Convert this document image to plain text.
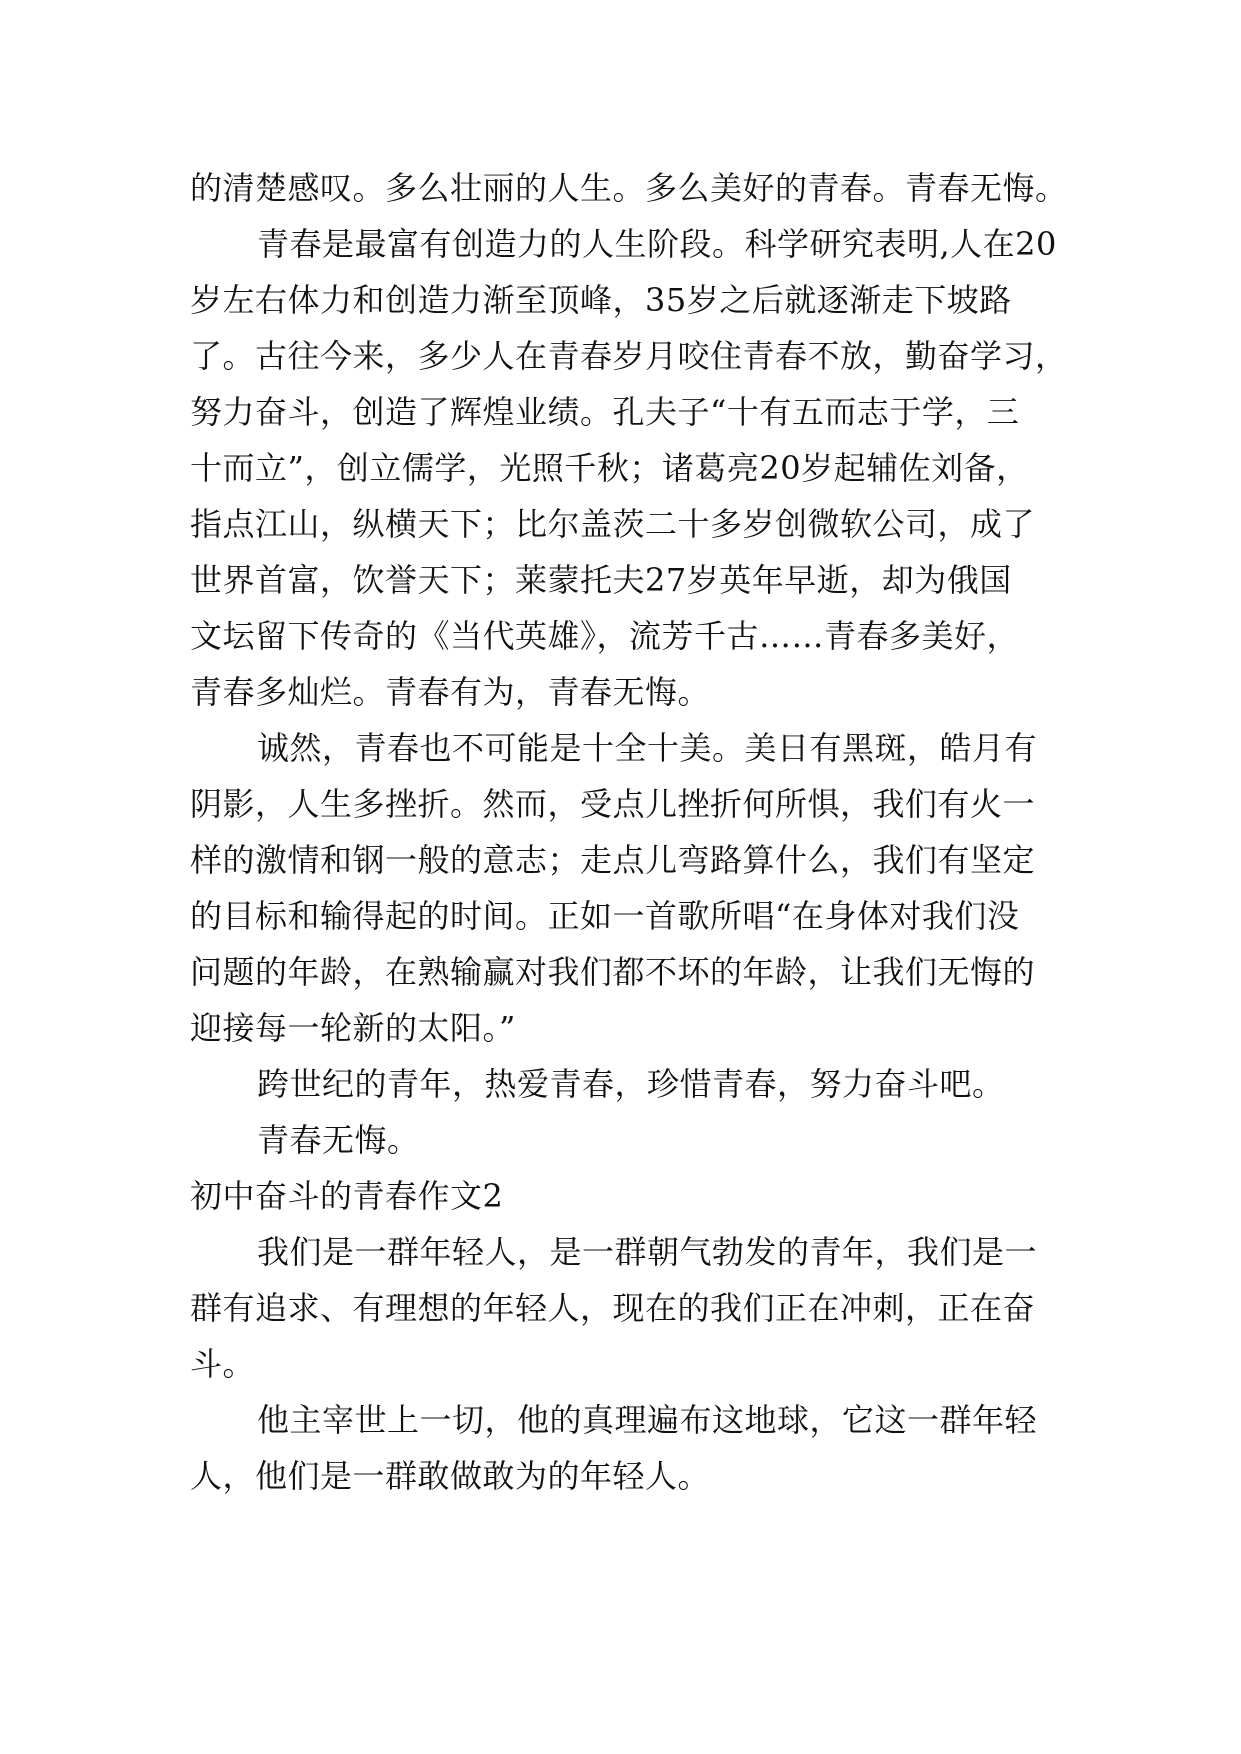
的清楚感叹。多么壮丽的人生。多么美好的青春。青春无悔。
青春是最富有创造力的人生阶段。科学研究表明,人在20
岁左右体力和创造力渐至顶峰，35岁之后就逐渐走下坡路
了。古往今来，多少人在青春岁月咬住青春不放，勤奋学习，
努力奋斗，创造了辉煌业绩。孔夫子“十有五而志于学，三
十而立”，创立儒学，光照千秋；诸葛亮20岁起辅佐刘备，
指点江山，纵横天下；比尔盖茨二十多岁创微软公司，成了
世界首富，饮誉天下；莱蒙托夫27岁英年早逝，却为俄国
文坛留下传奇的《当代英雄》，流芳千古……青春多美好，
青春多灿烂。青春有为，青春无悔。
诚然，青春也不可能是十全十美。美日有黑斑，皓月有
阴影，人生多挫折。然而，受点儿挫折何所惧，我们有火一
样的激情和钢一般的意志；走点儿弯路算什么，我们有坚定
的目标和输得起的时间。正如一首歌所唱“在身体对我们没
问题的年龄，在熟输赢对我们都不坏的年龄，让我们无悔的
迎接每一轮新的太阳。”
跨世纪的青年，热爱青春，珍惜青春，努力奋斗吧。
青春无悔。
初中奋斗的青春作文2
我们是一群年轻人，是一群朝气勃发的青年，我们是一
群有追求、有理想的年轻人，现在的我们正在冲刺，正在奋
斗。
他主宰世上一切，他的真理遍布这地球，它这一群年轻
人，他们是一群敢做敢为的年轻人。
